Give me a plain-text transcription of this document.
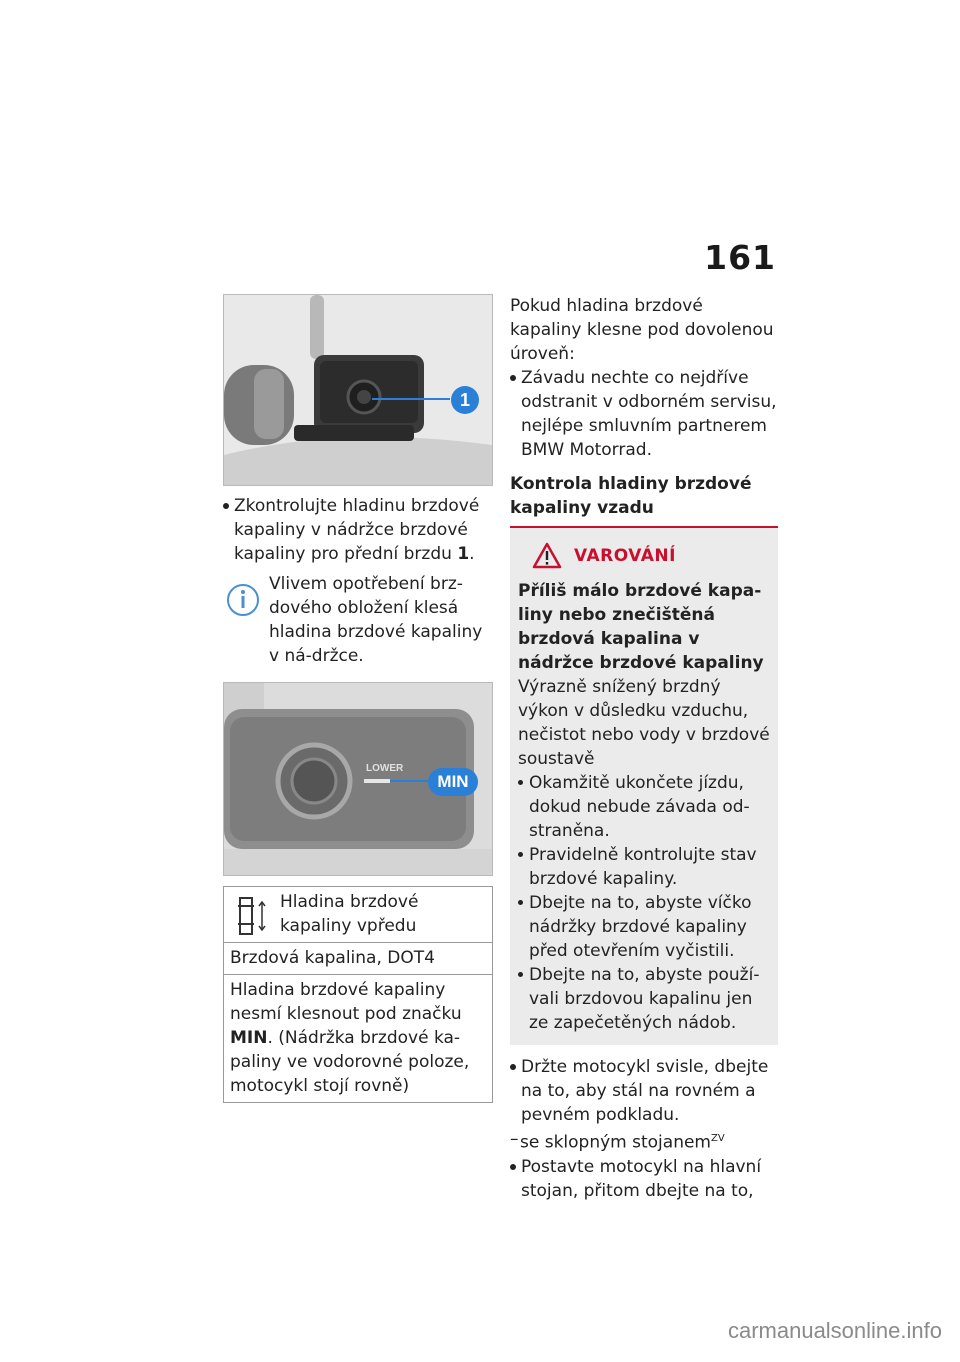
161
1
Zkontrolujte hladinu brzdové kapaliny v nádržce brzdové kapaliny pro přední brzdu 1.
Vlivem opotřebení brz-dového obložení klesá hladina brzdové kapaliny v ná-držce.
LOWER
MIN
Hladina brzdové kapaliny vpředu
Brzdová kapalina, DOT4
Hladina brzdové kapaliny nesmí klesnout pod značku MIN. (Nádržka brzdové ka-paliny ve vodorovné poloze, motocykl stojí rovně)

Pokud hladina brzdové kapaliny klesne pod dovolenou úroveň:

Závadu nechte co nejdříve odstranit v odborném servisu, nejlépe smluvním partnerem BMW Motorrad.
Kontrola hladiny brzdové kapaliny vzadu
VAROVÁNÍ
Příliš málo brzdové kapa-liny nebo znečištěná brzdová kapalina v nádržce brzdové kapaliny
Výrazně snížený brzdný výkon v důsledku vzduchu, nečistot nebo vody v brzdové soustavě
Okamžitě ukončete jízdu, dokud nebude závada od-straněna.
Pravidelně kontrolujte stav brzdové kapaliny.
Dbejte na to, abyste víčko nádržky brzdové kapaliny před otevřením vyčistili.
Dbejte na to, abyste použí-vali brzdovou kapalinu jen ze zapečetěných nádob.
Držte motocykl svisle, dbejte na to, aby stál na rovném a pevném podkladu.
– se sklopným stojanem$^{ZV}$
Postavte motocykl na hlavní stojan, přitom dbejte na to,
carmanualsonline.info
